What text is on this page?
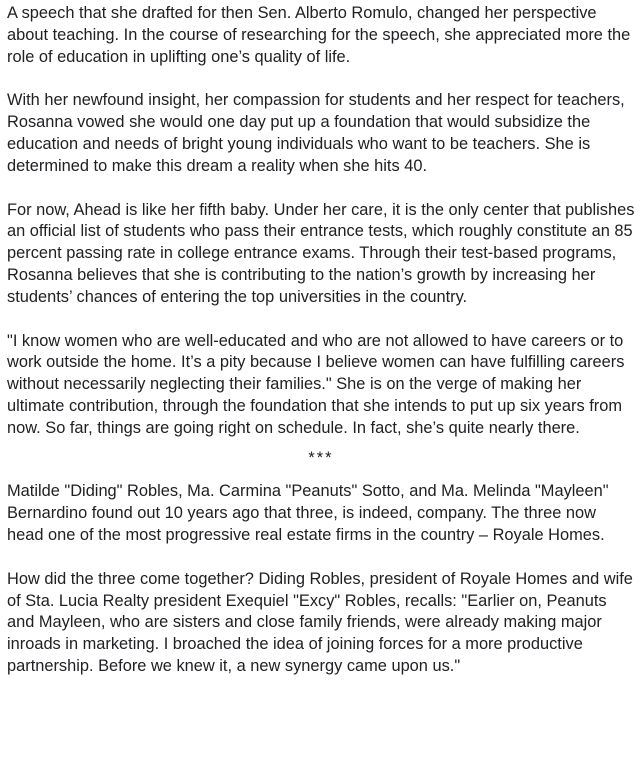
A speech that she drafted for then Sen. Alberto Romulo, changed her perspective about teaching. In the course of researching for the speech, she appreciated more the role of education in uplifting one’s quality of life.

With her newfound insight, her compassion for students and her respect for teachers, Rosanna vowed she would one day put up a foundation that would subsidize the education and needs of bright young individuals who want to be teachers. She is determined to make this dream a reality when she hits 40.

For now, Ahead is like her fifth baby. Under her care, it is the only center that publishes an official list of students who pass their entrance tests, which roughly constitute an 85 percent passing rate in college entrance exams. Through their test-based programs, Rosanna believes that she is contributing to the nation’s growth by increasing her students’ chances of entering the top universities in the country.

"I know women who are well-educated and who are not allowed to have careers or to work outside the home. It’s a pity because I believe women can have fulfilling careers without necessarily neglecting their families." She is on the verge of making her ultimate contribution, through the foundation that she intends to put up six years from now. So far, things are going right on schedule. In fact, she’s quite nearly there.

***

Matilde "Diding" Robles, Ma. Carmina "Peanuts" Sotto, and Ma. Melinda "Mayleen" Bernardino found out 10 years ago that three, is indeed, company. The three now head one of the most progressive real estate firms in the country – Royale Homes.

How did the three come together? Diding Robles, president of Royale Homes and wife of Sta. Lucia Realty president Exequiel "Excy" Robles, recalls: "Earlier on, Peanuts and Mayleen, who are sisters and close family friends, were already making major inroads in marketing. I broached the idea of joining forces for a more productive partnership. Before we knew it, a new synergy came upon us."
